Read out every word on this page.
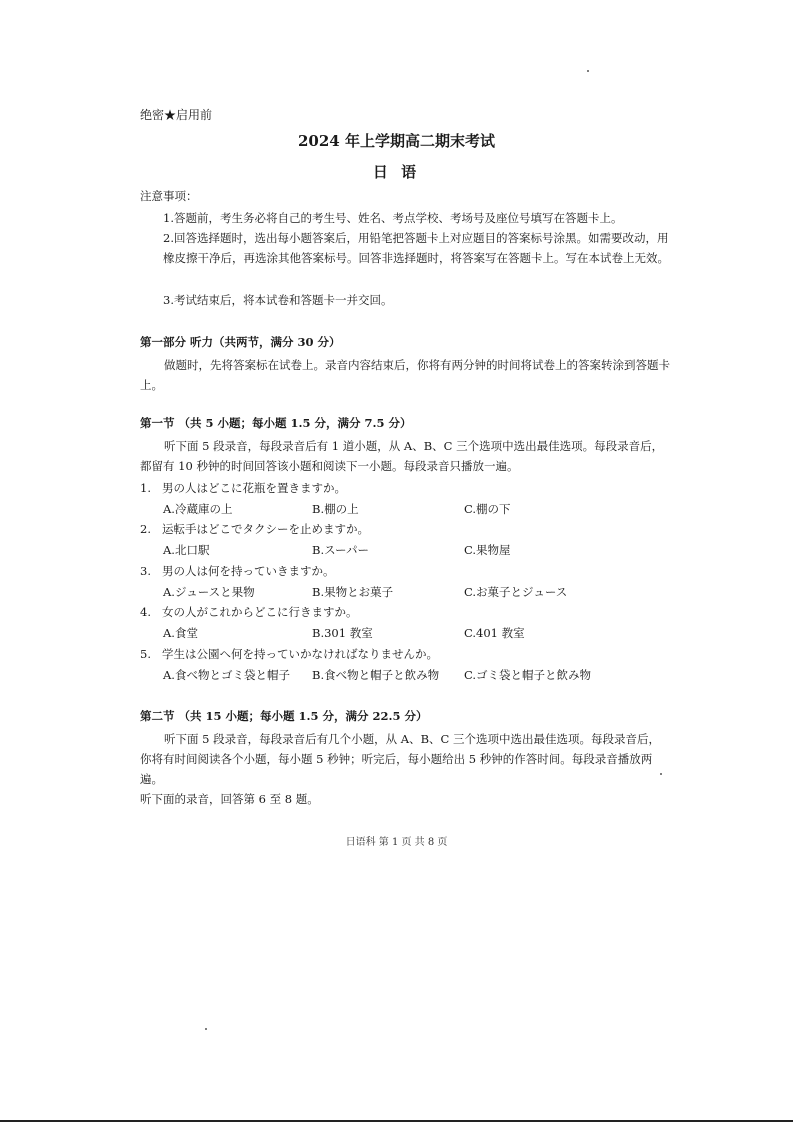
绝密★启用前
2024 年上学期高二期末考试
日 语
注意事项：
1.答题前，考生务必将自己的考生号、姓名、考点学校、考场号及座位号填写在答题卡上。
2.回答选择题时，选出每小题答案后，用铅笔把答题卡上对应题目的答案标号涂黑。如需要改动，用橡皮擦干净后，再选涂其他答案标号。回答非选择题时，将答案写在答题卡上。写在本试卷上无效。
3.考试结束后，将本试卷和答题卡一并交回。
第一部分 听力（共两节，满分 30 分）
做题时，先将答案标在试卷上。录音内容结束后，你将有两分钟的时间将试卷上的答案转涂到答题卡上。
第一节 （共 5 小题；每小题 1.5 分，满分 7.5 分）
听下面 5 段录音，每段录音后有 1 道小题，从 A、B、C 三个选项中选出最佳选项。每段录音后，都留有 10 秒钟的时间回答该小题和阅读下一小题。每段录音只播放一遍。
1. 男の人はどこに花瓶を置きますか。
A.冷蔵庫の上	B.棚の上	C.棚の下
2. 运転手はどこでタクシーを止めますか。
A.北口駅	B.スーパー	C.果物屋
3. 男の人は何を持っていきますか。
A.ジュースと果物	B.果物とお菓子	C.お菓子とジュース
4. 女の人がこれからどこに行きますか。
A.食堂	B.301 教室	C.401 教室
5. 学生は公園へ何を持っていかなければなりませんか。
A.食べ物とゴミ袋と帽子 B.食べ物と帽子と飲み物 C.ゴミ袋と帽子と飲み物
第二节 （共 15 小题；每小题 1.5 分，满分 22.5 分）
听下面 5 段录音，每段录音后有几个小题，从 A、B、C 三个选项中选出最佳选项。每段录音后，你将有时间阅读各个小题，每小题 5 秒钟；听完后，每小题给出 5 秒钟的作答时间。每段录音播放两遍。
听下面的录音，回答第 6 至 8 题。
日语科 第 1 页 共 8 页
